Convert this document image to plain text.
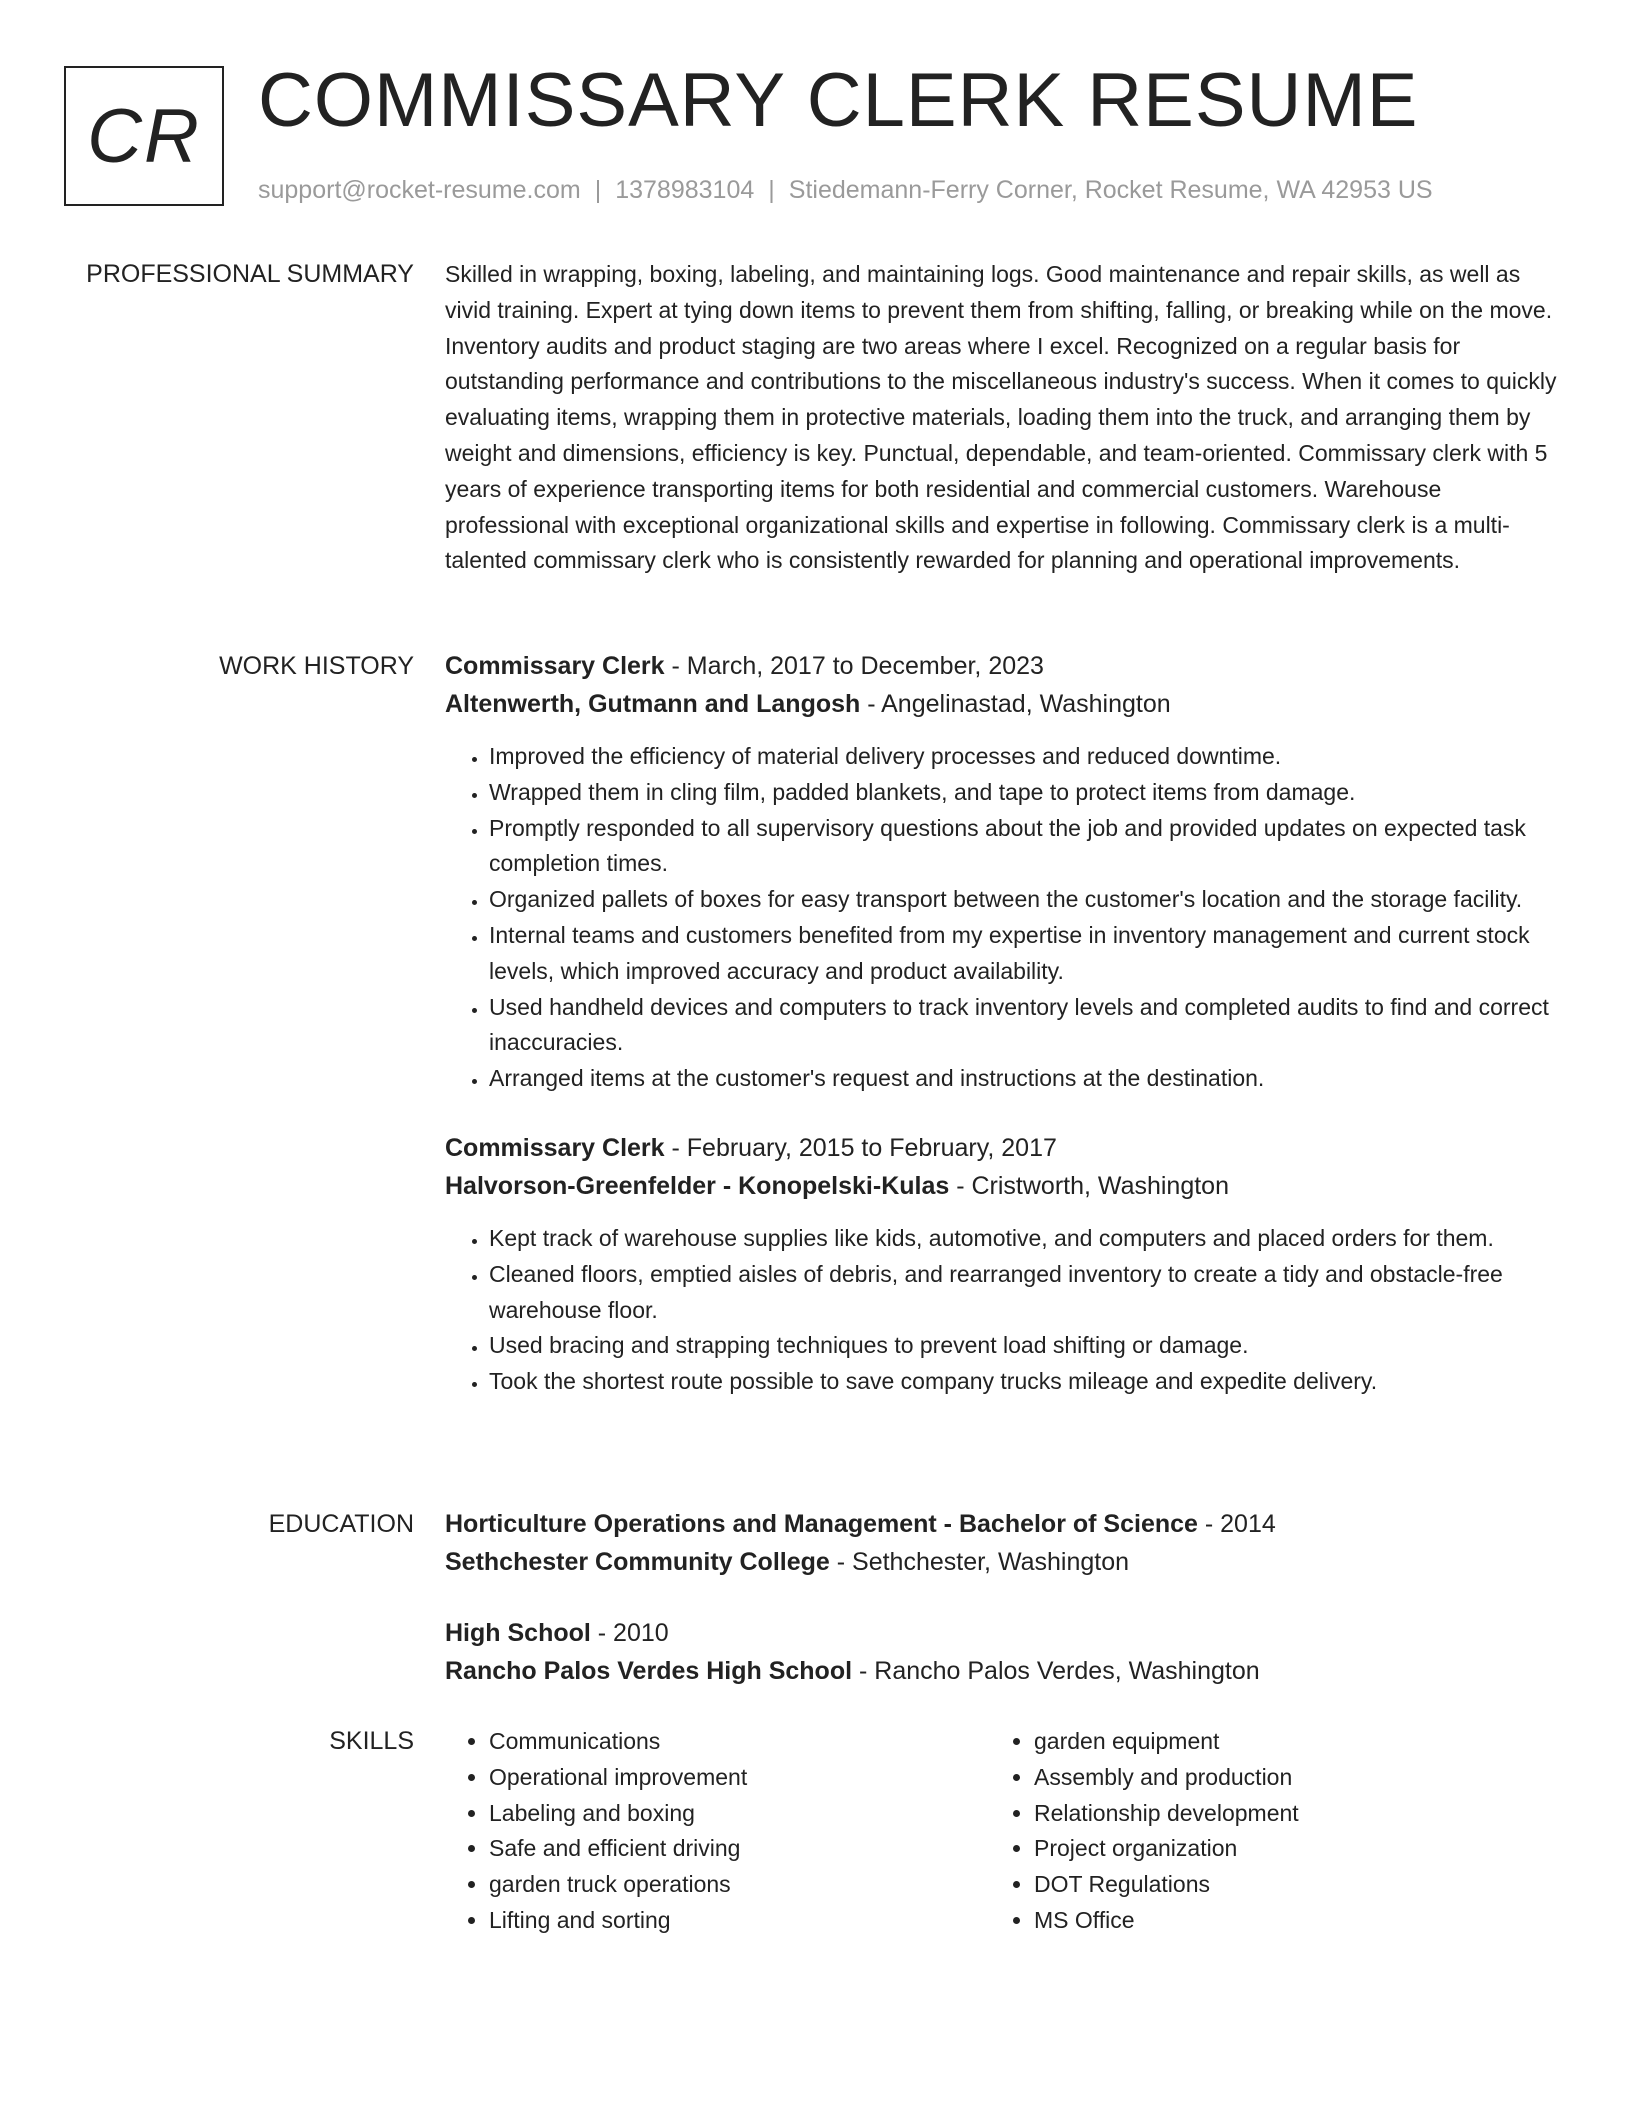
CR COMMISSARY CLERK RESUME
support@rocket-resume.com | 1378983104 | Stiedemann-Ferry Corner, Rocket Resume, WA 42953 US
PROFESSIONAL SUMMARY Skilled in wrapping, boxing, labeling, and maintaining logs. Good maintenance and repair skills, as well as vivid training. Expert at tying down items to prevent them from shifting, falling, or breaking while on the move. Inventory audits and product staging are two areas where I excel. Recognized on a regular basis for outstanding performance and contributions to the miscellaneous industry's success. When it comes to quickly evaluating items, wrapping them in protective materials, loading them into the truck, and arranging them by weight and dimensions, efficiency is key. Punctual, dependable, and team-oriented. Commissary clerk with 5 years of experience transporting items for both residential and commercial customers. Warehouse professional with exceptional organizational skills and expertise in following. Commissary clerk is a multi-talented commissary clerk who is consistently rewarded for planning and operational improvements.

WORK HISTORY Commissary Clerk - March, 2017 to December, 2023
Altenwerth, Gutmann and Langosh - Angelinastad, Washington
• Improved the efficiency of material delivery processes and reduced downtime.
• Wrapped them in cling film, padded blankets, and tape to protect items from damage.
• Promptly responded to all supervisory questions about the job and provided updates on expected task completion times.
• Organized pallets of boxes for easy transport between the customer's location and the storage facility.
• Internal teams and customers benefited from my expertise in inventory management and current stock levels, which improved accuracy and product availability.
• Used handheld devices and computers to track inventory levels and completed audits to find and correct inaccuracies.
• Arranged items at the customer's request and instructions at the destination.
Commissary Clerk - February, 2015 to February, 2017
Halvorson-Greenfelder - Konopelski-Kulas - Cristworth, Washington
• Kept track of warehouse supplies like kids, automotive, and computers and placed orders for them.
• Cleaned floors, emptied aisles of debris, and rearranged inventory to create a tidy and obstacle-free warehouse floor.
• Used bracing and strapping techniques to prevent load shifting or damage.
• Took the shortest route possible to save company trucks mileage and expedite delivery.
EDUCATION Horticulture Operations and Management - Bachelor of Science - 2014
Sethchester Community College - Sethchester, Washington
High School - 2010
Rancho Palos Verdes High School - Rancho Palos Verdes, Washington
SKILLS
•	Communications
• Operational improvement
• Labeling and boxing
• Safe and efficient driving
• garden truck operations
• Lifting and sorting
• garden equipment
• Assembly and production
• Relationship development
• Project organization
• DOT Regulations
• MS Office
